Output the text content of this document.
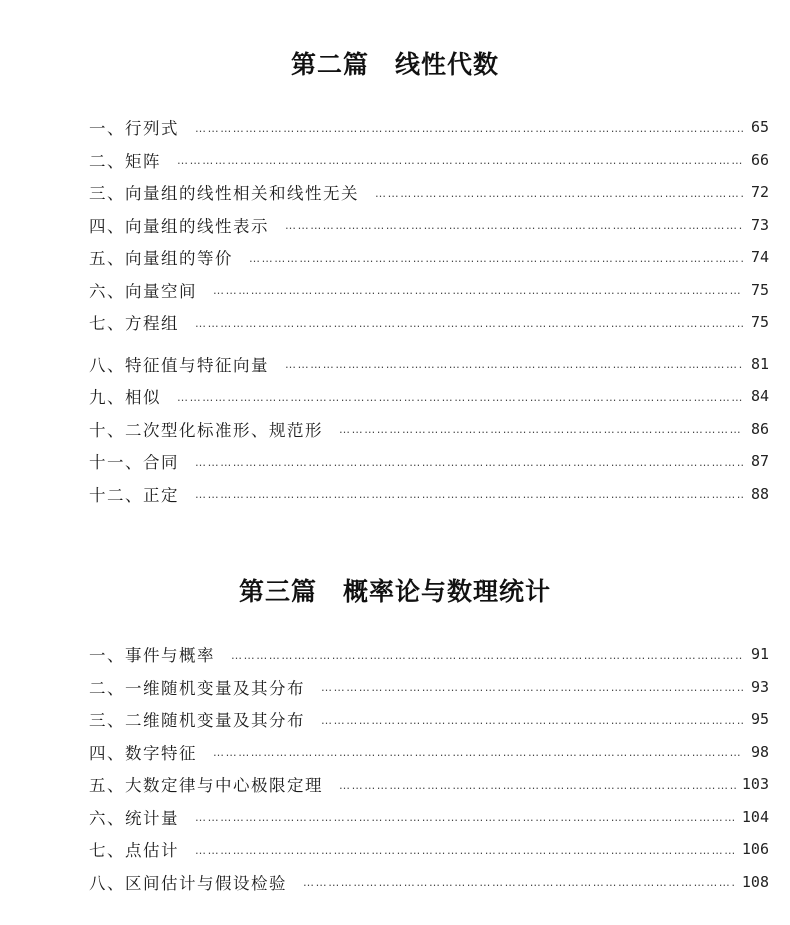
第二篇　线性代数
一、行列式 ……………………………………………………………………………………………………………………………………………………………………………………………	65
二、矩阵 ……………………………………………………………………………………………………………………………………………………………………………………………	66
三、向量组的线性相关和线性无关 ……………………………………………………………………………………………………………………………………………………………………………………………	72
四、向量组的线性表示 ……………………………………………………………………………………………………………………………………………………………………………………………	73
五、向量组的等价 ……………………………………………………………………………………………………………………………………………………………………………………………	74
六、向量空间 ……………………………………………………………………………………………………………………………………………………………………………………………	75
七、方程组 ……………………………………………………………………………………………………………………………………………………………………………………………	75
八、特征值与特征向量 ……………………………………………………………………………………………………………………………………………………………………………………………	81
九、相似 ……………………………………………………………………………………………………………………………………………………………………………………………	84
十、二次型化标准形、规范形 ……………………………………………………………………………………………………………………………………………………………………………………………	86
十一、合同 ……………………………………………………………………………………………………………………………………………………………………………………………	87
十二、正定 ……………………………………………………………………………………………………………………………………………………………………………………………	88
第三篇　概率论与数理统计
一、事件与概率 ……………………………………………………………………………………………………………………………………………………………………………………………	91
二、一维随机变量及其分布 ……………………………………………………………………………………………………………………………………………………………………………………………	93
三、二维随机变量及其分布 ……………………………………………………………………………………………………………………………………………………………………………………………	95
四、数字特征 ……………………………………………………………………………………………………………………………………………………………………………………………	98
五、大数定律与中心极限定理 ……………………………………………………………………………………………………………………………………………………………………………………………	103
六、统计量 ……………………………………………………………………………………………………………………………………………………………………………………………	104
七、点估计 ……………………………………………………………………………………………………………………………………………………………………………………………	106
八、区间估计与假设检验 ……………………………………………………………………………………………………………………………………………………………………………………………	108
